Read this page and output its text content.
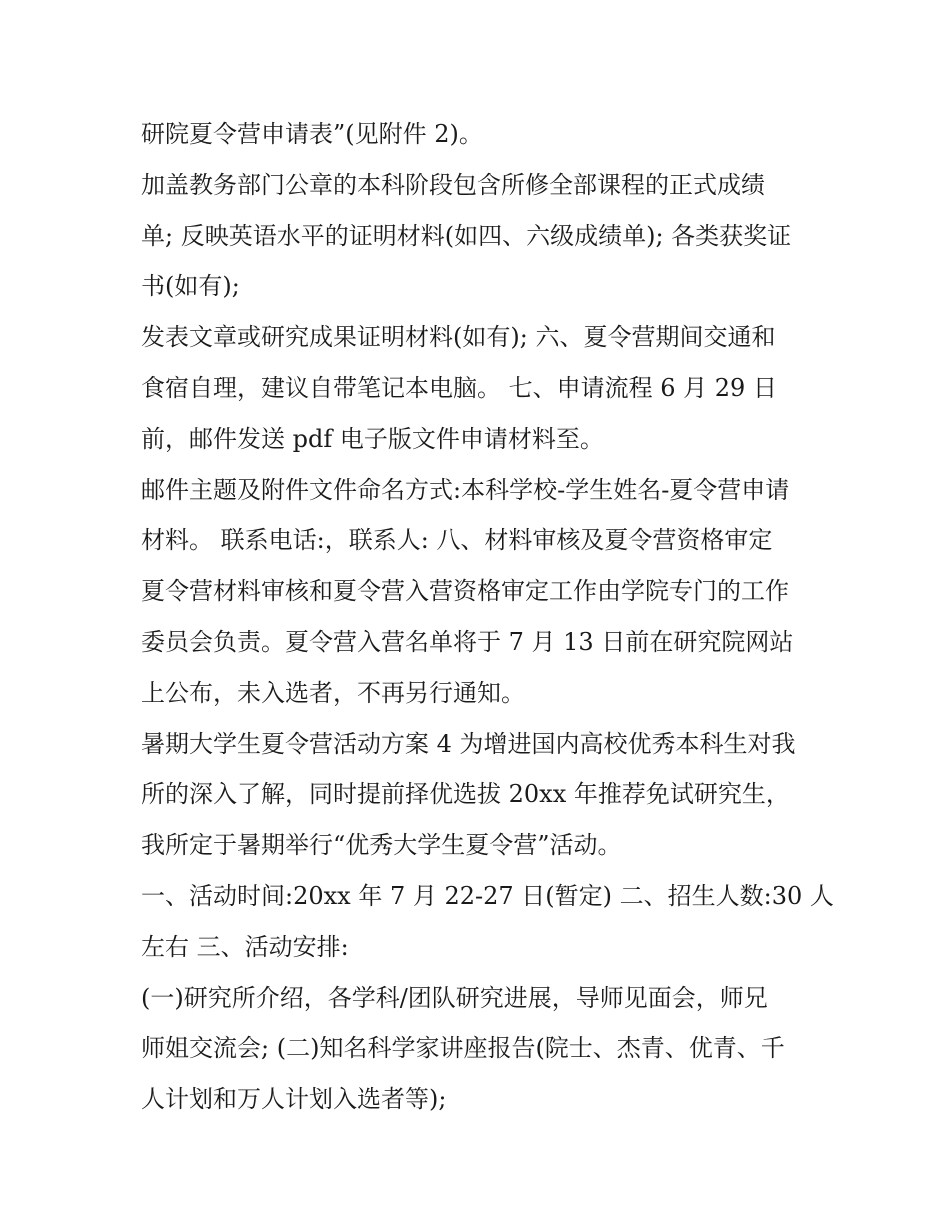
研院夏令营申请表”(见附件 2)。

加盖教务部门公章的本科阶段包含所修全部课程的正式成绩

单; 反映英语水平的证明材料(如四、六级成绩单); 各类获奖证

书(如有);

发表文章或研究成果证明材料(如有); 六、夏令营期间交通和

食宿自理，建议自带笔记本电脑。 七、申请流程 6 月 29 日

前，邮件发送 pdf 电子版文件申请材料至。

邮件主题及附件文件命名方式:本科学校-学生姓名-夏令营申请

材料。 联系电话:，联系人: 八、材料审核及夏令营资格审定

夏令营材料审核和夏令营入营资格审定工作由学院专门的工作

委员会负责。夏令营入营名单将于 7 月 13 日前在研究院网站

上公布，未入选者，不再另行通知。

暑期大学生夏令营活动方案 4 为增进国内高校优秀本科生对我

所的深入了解，同时提前择优选拔 20xx 年推荐免试研究生，

我所定于暑期举行“优秀大学生夏令营”活动。

一、活动时间:20xx 年 7 月 22-27 日(暂定) 二、招生人数:30 人

左右 三、活动安排:

(一)研究所介绍，各学科/团队研究进展，导师见面会，师兄

师姐交流会; (二)知名科学家讲座报告(院士、杰青、优青、千

人计划和万人计划入选者等);
